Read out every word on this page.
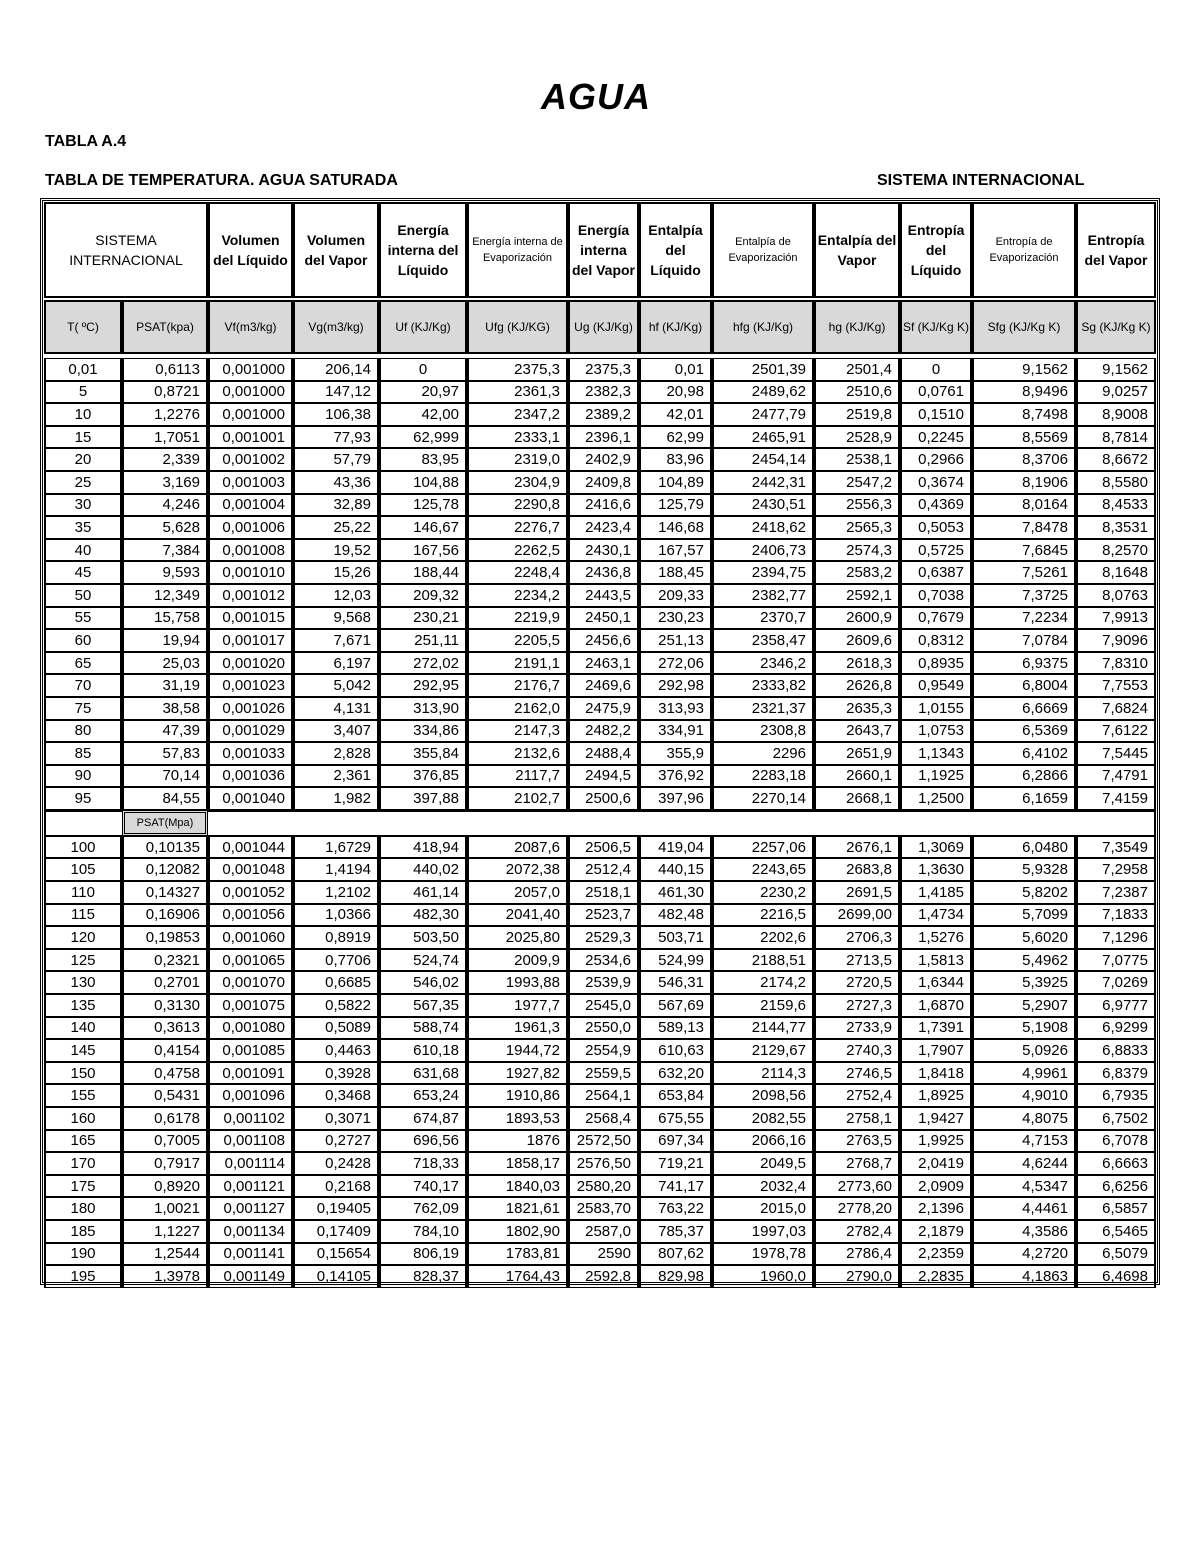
AGUA
TABLA A.4
TABLA DE TEMPERATURA. AGUA SATURADA	SISTEMA INTERNACIONAL
SISTEMA INTERNACIONAL		Volumen del Líquido	Volumen del Vapor	Energía interna del Líquido	Energía interna de Evaporización	Energía interna del Vapor	Entalpía del Líquido	Entalpía de Evaporización	Entalpía del Vapor	Entropía del Líquido	Entropía de Evaporización	Entropía del Vapor

T( ºC)	PSAT(kpa)	Vf(m3/kg)	Vg(m3/kg)	Uf (KJ/Kg)	Ufg (KJ/KG)	Ug (KJ/Kg)	hf (KJ/Kg)	hfg (KJ/Kg)	hg (KJ/Kg)	Sf (KJ/Kg K)	Sfg (KJ/Kg K)	Sg (KJ/Kg K)

0,01	0,6113	0,001000	206,14	0	2375,3	2375,3	0,01	2501,39	2501,4	0	9,1562	9,1562
5	0,8721	0,001000	147,12	20,97	2361,3	2382,3	20,98	2489,62	2510,6	0,0761	8,9496	9,0257
10	1,2276	0,001000	106,38	42,00	2347,2	2389,2	42,01	2477,79	2519,8	0,1510	8,7498	8,9008
15	1,7051	0,001001	77,93	62,999	2333,1	2396,1	62,99	2465,91	2528,9	0,2245	8,5569	8,7814
20	2,339	0,001002	57,79	83,95	2319,0	2402,9	83,96	2454,14	2538,1	0,2966	8,3706	8,6672
25	3,169	0,001003	43,36	104,88	2304,9	2409,8	104,89	2442,31	2547,2	0,3674	8,1906	8,5580
30	4,246	0,001004	32,89	125,78	2290,8	2416,6	125,79	2430,51	2556,3	0,4369	8,0164	8,4533
35	5,628	0,001006	25,22	146,67	2276,7	2423,4	146,68	2418,62	2565,3	0,5053	7,8478	8,3531
40	7,384	0,001008	19,52	167,56	2262,5	2430,1	167,57	2406,73	2574,3	0,5725	7,6845	8,2570
45	9,593	0,001010	15,26	188,44	2248,4	2436,8	188,45	2394,75	2583,2	0,6387	7,5261	8,1648
50	12,349	0,001012	12,03	209,32	2234,2	2443,5	209,33	2382,77	2592,1	0,7038	7,3725	8,0763
55	15,758	0,001015	9,568	230,21	2219,9	2450,1	230,23	2370,7	2600,9	0,7679	7,2234	7,9913
60	19,94	0,001017	7,671	251,11	2205,5	2456,6	251,13	2358,47	2609,6	0,8312	7,0784	7,9096
65	25,03	0,001020	6,197	272,02	2191,1	2463,1	272,06	2346,2	2618,3	0,8935	6,9375	7,8310
70	31,19	0,001023	5,042	292,95	2176,7	2469,6	292,98	2333,82	2626,8	0,9549	6,8004	7,7553
75	38,58	0,001026	4,131	313,90	2162,0	2475,9	313,93	2321,37	2635,3	1,0155	6,6669	7,6824
80	47,39	0,001029	3,407	334,86	2147,3	2482,2	334,91	2308,8	2643,7	1,0753	6,5369	7,6122
85	57,83	0,001033	2,828	355,84	2132,6	2488,4	355,9	2296	2651,9	1,1343	6,4102	7,5445
90	70,14	0,001036	2,361	376,85	2117,7	2494,5	376,92	2283,18	2660,1	1,1925	6,2866	7,4791
95	84,55	0,001040	1,982	397,88	2102,7	2500,6	397,96	2270,14	2668,1	1,2500	6,1659	7,4159
	PSAT(Mpa)											
100	0,10135	0,001044	1,6729	418,94	2087,6	2506,5	419,04	2257,06	2676,1	1,3069	6,0480	7,3549
105	0,12082	0,001048	1,4194	440,02	2072,38	2512,4	440,15	2243,65	2683,8	1,3630	5,9328	7,2958
110	0,14327	0,001052	1,2102	461,14	2057,0	2518,1	461,30	2230,2	2691,5	1,4185	5,8202	7,2387
115	0,16906	0,001056	1,0366	482,30	2041,40	2523,7	482,48	2216,5	2699,00	1,4734	5,7099	7,1833
120	0,19853	0,001060	0,8919	503,50	2025,80	2529,3	503,71	2202,6	2706,3	1,5276	5,6020	7,1296
125	0,2321	0,001065	0,7706	524,74	2009,9	2534,6	524,99	2188,51	2713,5	1,5813	5,4962	7,0775
130	0,2701	0,001070	0,6685	546,02	1993,88	2539,9	546,31	2174,2	2720,5	1,6344	5,3925	7,0269
135	0,3130	0,001075	0,5822	567,35	1977,7	2545,0	567,69	2159,6	2727,3	1,6870	5,2907	6,9777
140	0,3613	0,001080	0,5089	588,74	1961,3	2550,0	589,13	2144,77	2733,9	1,7391	5,1908	6,9299
145	0,4154	0,001085	0,4463	610,18	1944,72	2554,9	610,63	2129,67	2740,3	1,7907	5,0926	6,8833
150	0,4758	0,001091	0,3928	631,68	1927,82	2559,5	632,20	2114,3	2746,5	1,8418	4,9961	6,8379
155	0,5431	0,001096	0,3468	653,24	1910,86	2564,1	653,84	2098,56	2752,4	1,8925	4,9010	6,7935
160	0,6178	0,001102	0,3071	674,87	1893,53	2568,4	675,55	2082,55	2758,1	1,9427	4,8075	6,7502
165	0,7005	0,001108	0,2727	696,56	1876	2572,50	697,34	2066,16	2763,5	1,9925	4,7153	6,7078
170	0,7917	0,001114	0,2428	718,33	1858,17	2576,50	719,21	2049,5	2768,7	2,0419	4,6244	6,6663
175	0,8920	0,001121	0,2168	740,17	1840,03	2580,20	741,17	2032,4	2773,60	2,0909	4,5347	6,6256
180	1,0021	0,001127	0,19405	762,09	1821,61	2583,70	763,22	2015,0	2778,20	2,1396	4,4461	6,5857
185	1,1227	0,001134	0,17409	784,10	1802,90	2587,0	785,37	1997,03	2782,4	2,1879	4,3586	6,5465
190	1,2544	0,001141	0,15654	806,19	1783,81	2590	807,62	1978,78	2786,4	2,2359	4,2720	6,5079
195	1,3978	0,001149	0,14105	828,37	1764,43	2592,8	829,98	1960,0	2790,0	2,2835	4,1863	6,4698
